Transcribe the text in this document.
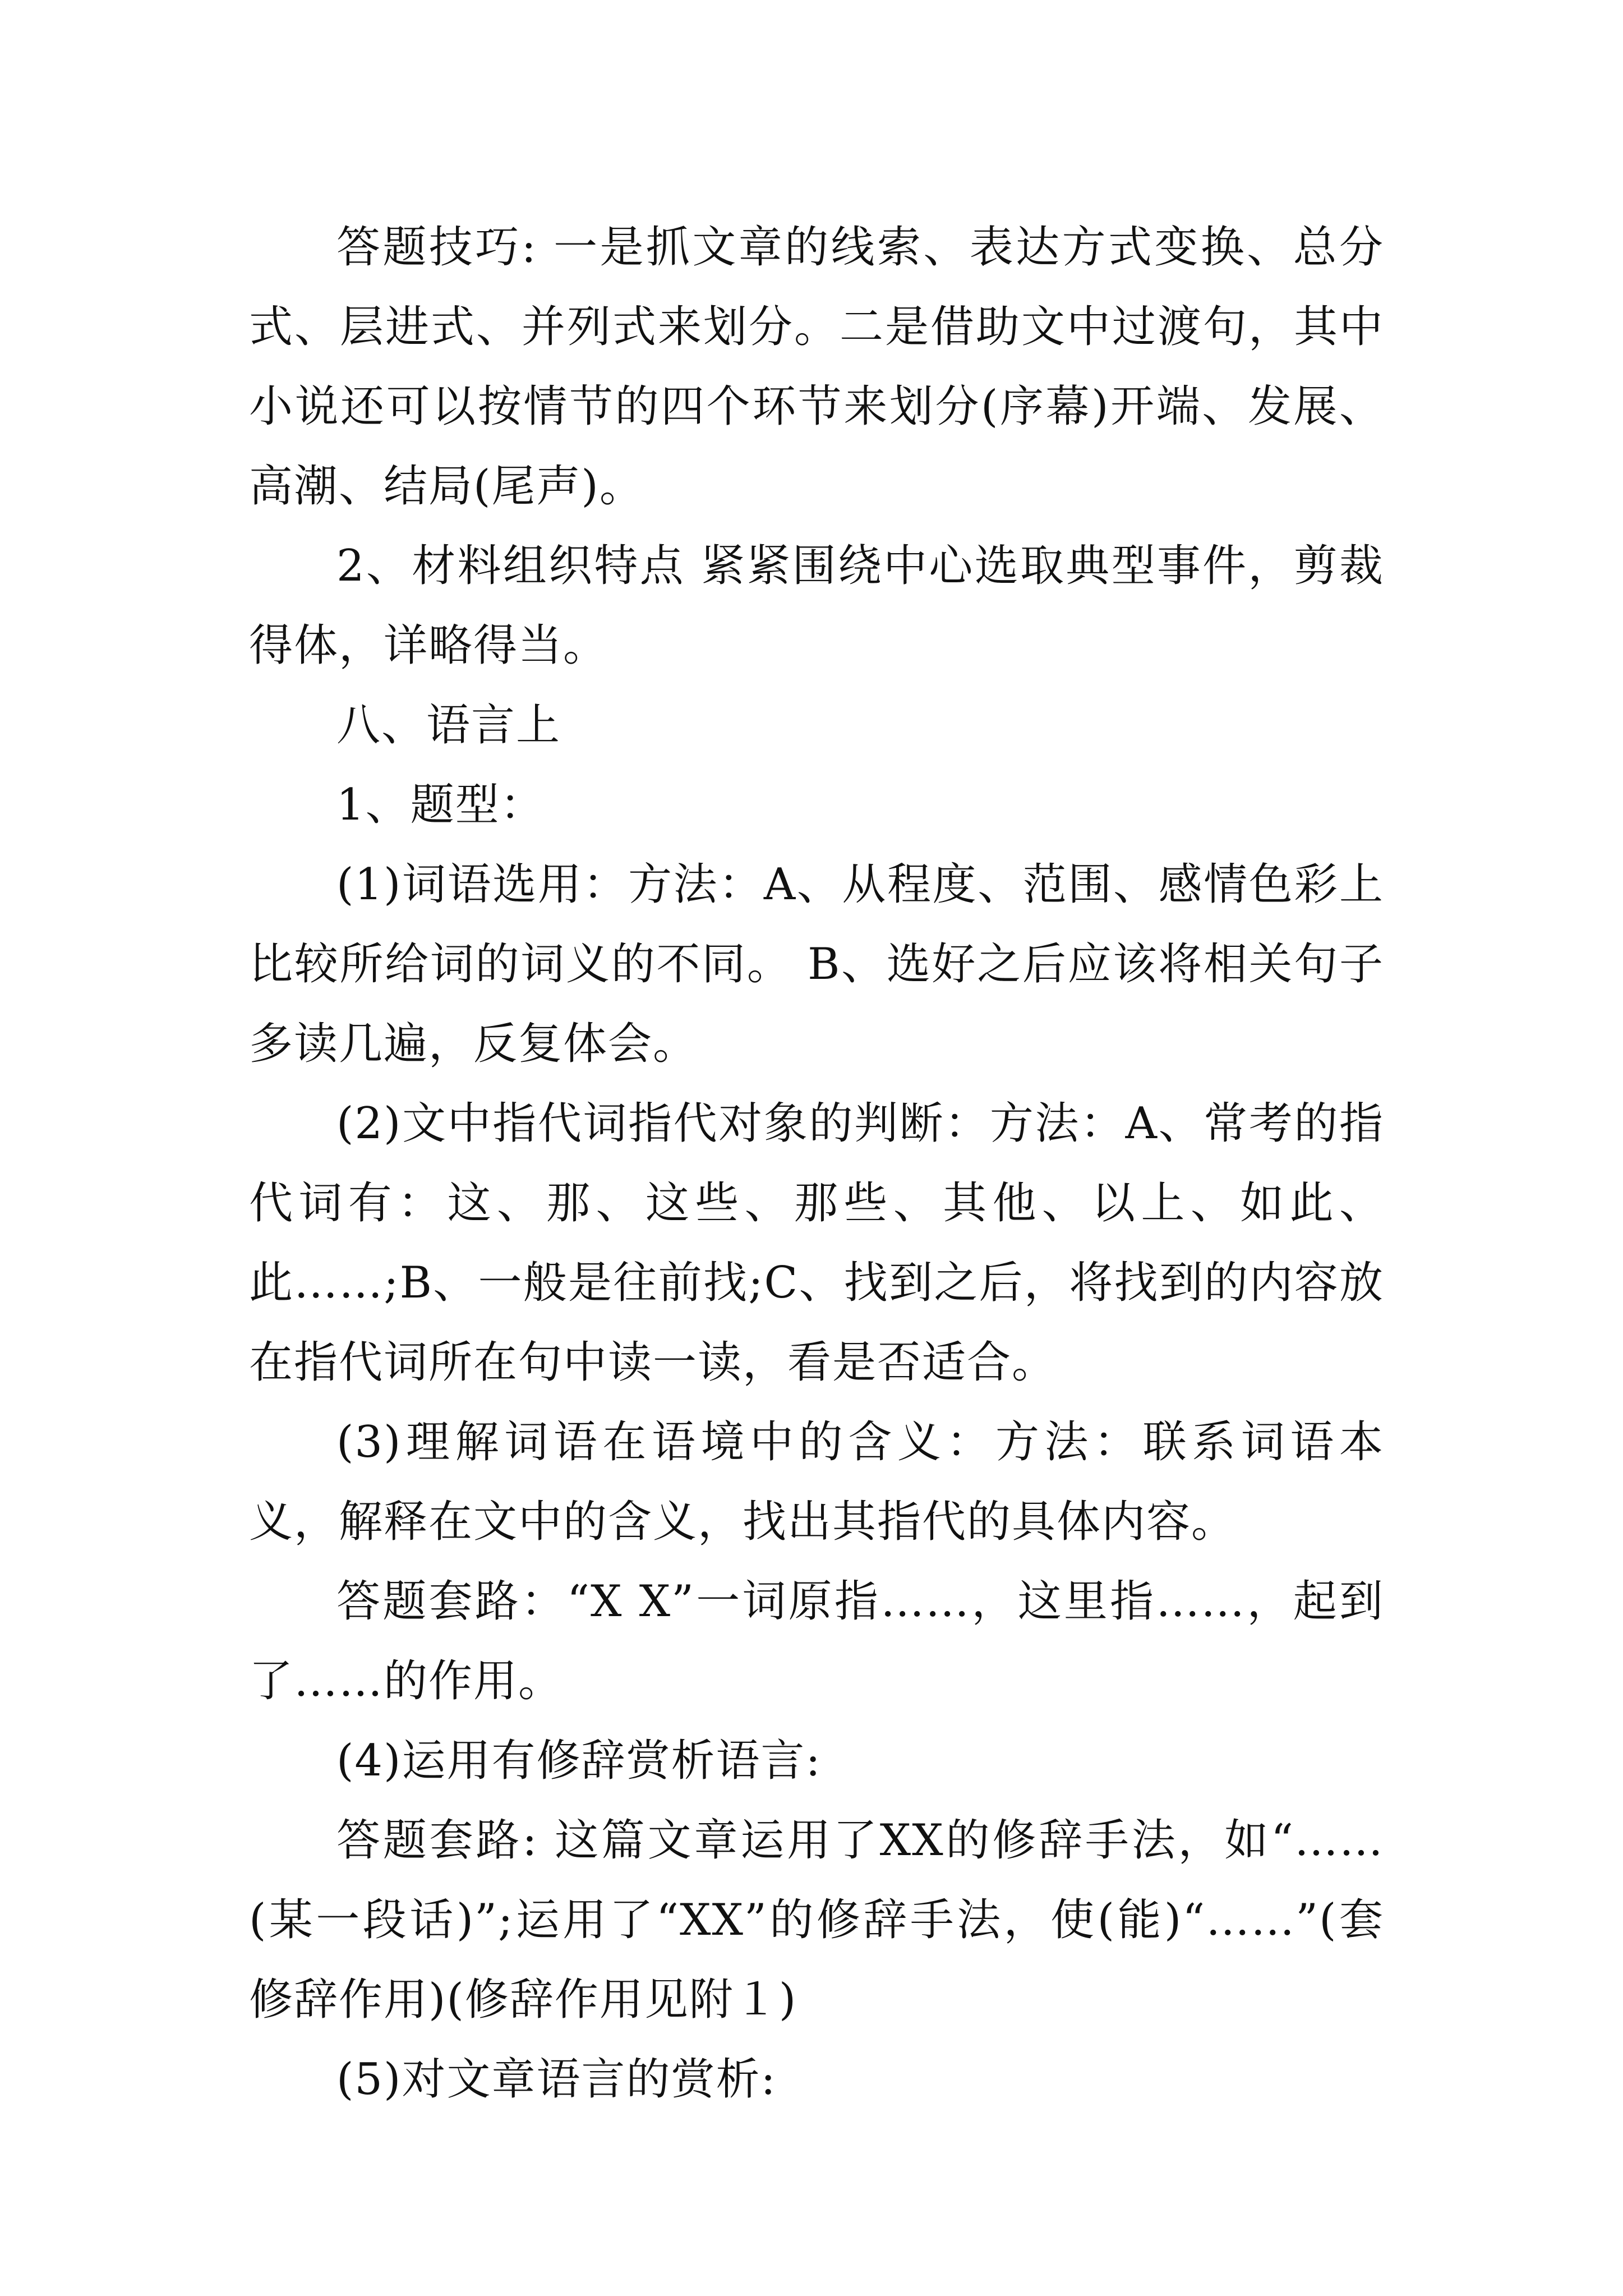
答题技巧: 一是抓文章的线索、表达方式变换、总分式、层进式、并列式来划分。二是借助文中过渡句，其中小说还可以按情节的四个环节来划分(序幕)开端、发展、高潮、结局(尾声)。

2、材料组织特点 紧紧围绕中心选取典型事件，剪裁得体，详略得当。

八、语言上

1、题型：

(1)词语选用：方法：A、从程度、范围、感情色彩上比较所给词的词义的不同。 B、选好之后应该将相关句子多读几遍，反复体会。

(2)文中指代词指代对象的判断：方法：A、常考的指代词有：这、那、这些、那些、其他、以上、如此、此……;B、一般是往前找;C、找到之后，将找到的内容放在指代词所在句中读一读，看是否适合。

(3)理解词语在语境中的含义：方法：联系词语本义，解释在文中的含义，找出其指代的具体内容。

答题套路：“X X”一词原指……，这里指……，起到了……的作用。

(4)运用有修辞赏析语言:

答题套路: 这篇文章运用了XX的修辞手法，如“……(某一段话)”;运用了“XX”的修辞手法，使(能)“……”(套修辞作用)(修辞作用见附１)

(5)对文章语言的赏析:
